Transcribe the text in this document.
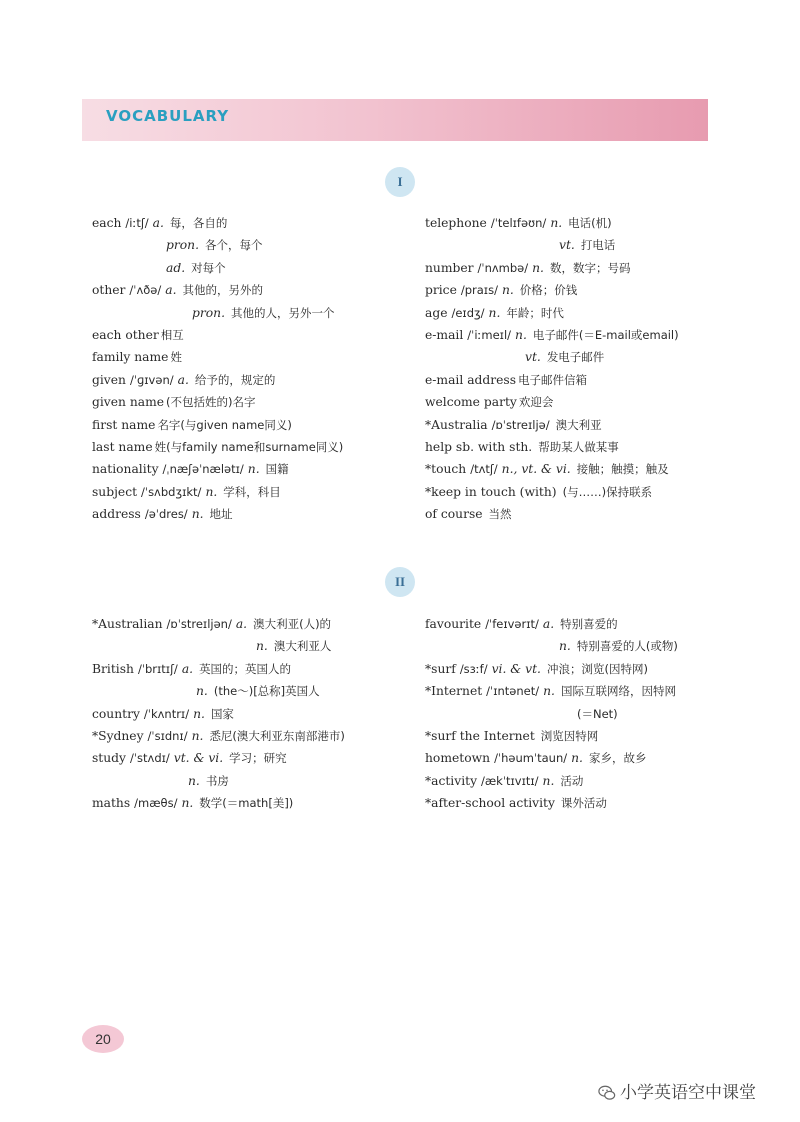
VOCABULARY
I
each /iːtʃ/ a. 每，各自的
pron. 各个，每个
ad. 对每个
other /ˈʌðə/ a. 其他的，另外的
pron. 其他的人，另外一个
each other 相互
family name 姓
given /ˈɡɪvən/ a. 给予的，规定的
given name (不包括姓的)名字
first name 名字(与given name同义)
last name 姓(与family name和surname同义)
nationality /ˌnæʃəˈnælətɪ/ n. 国籍
subject /ˈsʌbdʒɪkt/ n. 学科，科目
address /əˈdres/ n. 地址
telephone /ˈtelɪfəʊn/ n. 电话(机)
vt. 打电话
number /ˈnʌmbə/ n. 数，数字；号码
price /praɪs/ n. 价格；价钱
age /eɪdʒ/ n. 年龄；时代
e-mail /ˈiːmeɪl/ n. 电子邮件(＝E-mail或email)
vt. 发电子邮件
e-mail address 电子邮件信箱
welcome party 欢迎会
*Australia /ɒˈstreɪljə/ 澳大利亚
help sb. with sth. 帮助某人做某事
*touch /tʌtʃ/ n., vt. & vi. 接触；触摸；触及
*keep in touch (with) (与……)保持联系
of course 当然
II
*Australian /ɒˈstreɪljən/ a. 澳大利亚(人)的
n. 澳大利亚人
British /ˈbrɪtɪʃ/ a. 英国的；英国人的
n. (the～)[总称]英国人
country /ˈkʌntrɪ/ n. 国家
*Sydney /ˈsɪdnɪ/ n. 悉尼(澳大利亚东南部港市)
study /ˈstʌdɪ/ vt. & vi. 学习；研究
n. 书房
maths /mæθs/ n. 数学(＝math[美])
favourite /ˈfeɪvərɪt/ a. 特别喜爱的
n. 特别喜爱的人(或物)
*surf /sɜːf/ vi. & vt. 冲浪；浏览(因特网)
*Internet /ˈɪntənet/ n. 国际互联网络，因特网
(＝Net)
*surf the Internet 浏览因特网
hometown /ˈhəumˈtaun/ n. 家乡，故乡
*activity /ækˈtɪvɪtɪ/ n. 活动
*after-school activity 课外活动
20
小学英语空中课堂
